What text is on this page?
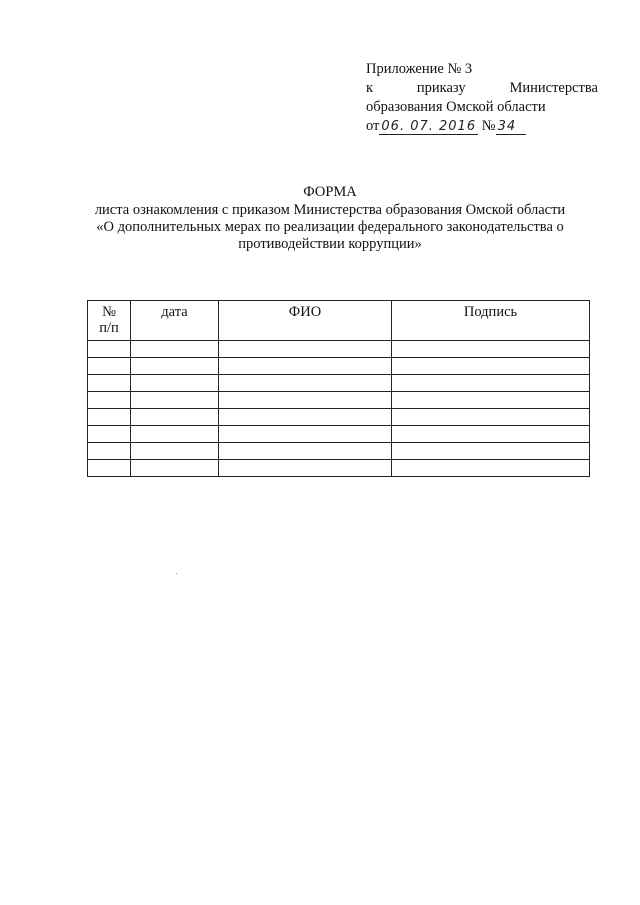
Приложение № 3
к	приказу	Министерства
образования Омской области
от 06. 07. 2016 № 34
ФОРМА
листа ознакомления с приказом Министерства образования Омской области
«О дополнительных мерах по реализации федерального законодательства о
противодействии коррупции»
№
п/п	дата	ФИО	Подпись
